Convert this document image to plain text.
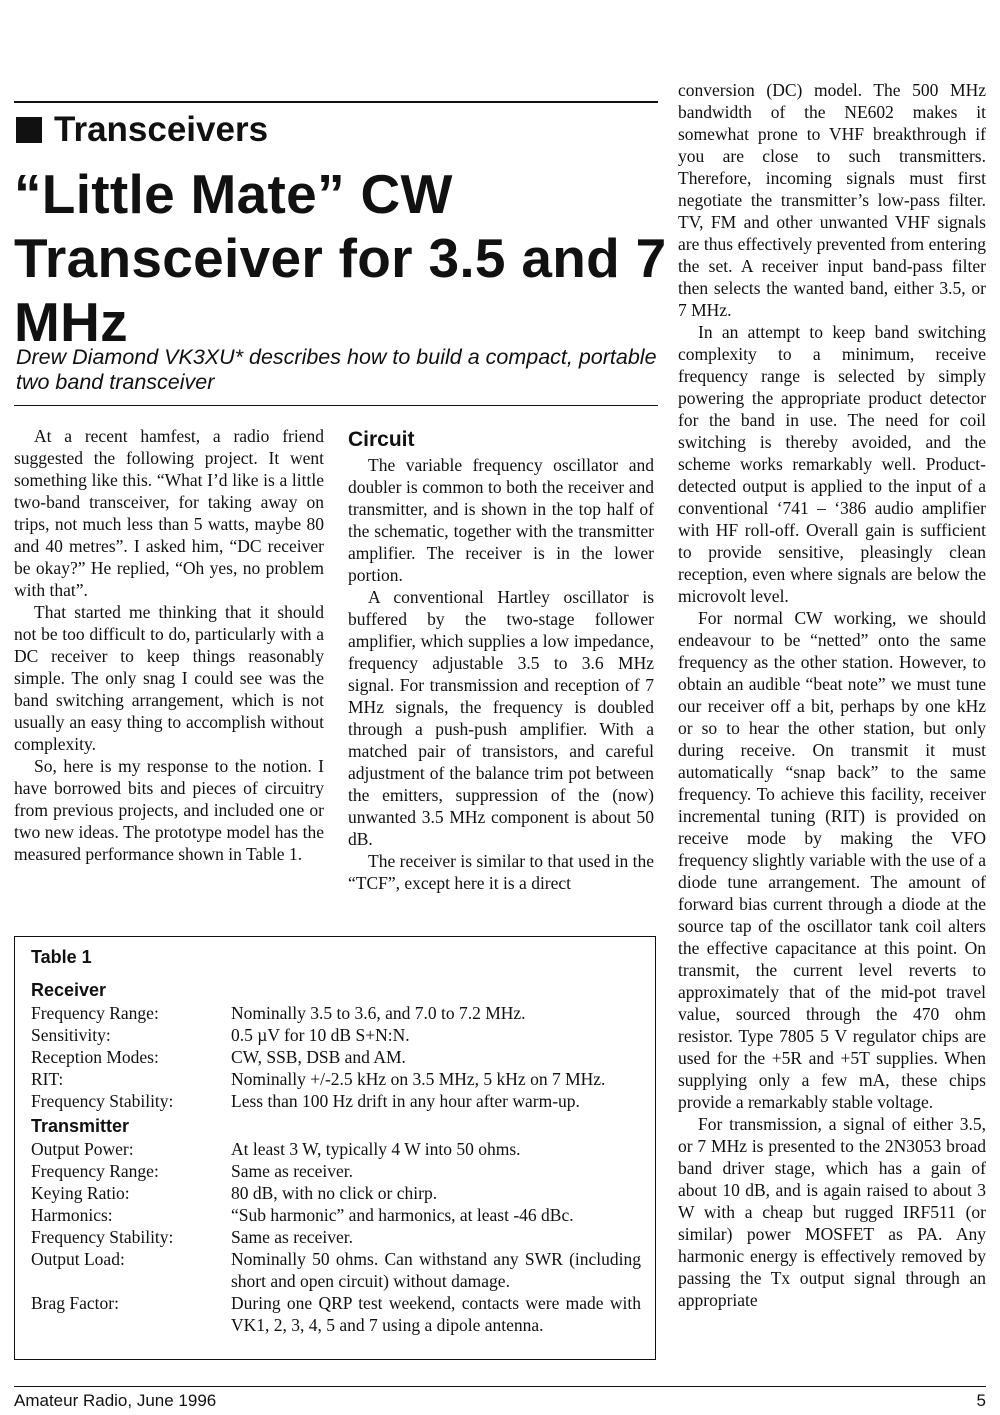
Transceivers
“Little Mate” CW Transceiver for 3.5 and 7 MHz
Drew Diamond VK3XU* describes how to build a compact, portable two band transceiver

At a recent hamfest, a radio friend suggested the following project. It went something like this. “What I’d like is a little two-band transceiver, for taking away on trips, not much less than 5 watts, maybe 80 and 40 metres”. I asked him, “DC receiver be okay?” He replied, “Oh yes, no problem with that”.

That started me thinking that it should not be too difficult to do, particularly with a DC receiver to keep things reasonably simple. The only snag I could see was the band switching arrangement, which is not usually an easy thing to accomplish without complexity.

So, here is my response to the notion. I have borrowed bits and pieces of circuitry from previous projects, and included one or two new ideas. The prototype model has the measured performance shown in Table 1.

Circuit

The variable frequency oscillator and doubler is common to both the receiver and transmitter, and is shown in the top half of the schematic, together with the transmitter amplifier. The receiver is in the lower portion.

A conventional Hartley oscillator is buffered by the two-stage follower amplifier, which supplies a low impedance, frequency adjustable 3.5 to 3.6 MHz signal. For transmission and reception of 7 MHz signals, the frequency is doubled through a push-push amplifier. With a matched pair of transistors, and careful adjustment of the balance trim pot between the emitters, suppression of the (now) unwanted 3.5 MHz component is about 50 dB.

The receiver is similar to that used in the “TCF”, except here it is a direct

conversion (DC) model. The 500 MHz bandwidth of the NE602 makes it somewhat prone to VHF breakthrough if you are close to such transmitters. Therefore, incoming signals must first negotiate the transmitter’s low-pass filter. TV, FM and other unwanted VHF signals are thus effectively prevented from entering the set. A receiver input band-pass filter then selects the wanted band, either 3.5, or 7 MHz.

In an attempt to keep band switching complexity to a minimum, receive frequency range is selected by simply powering the appropriate product detector for the band in use. The need for coil switching is thereby avoided, and the scheme works remarkably well. Product-detected output is applied to the input of a conventional ‘741 – ‘386 audio amplifier with HF roll-off. Overall gain is sufficient to provide sensitive, pleasingly clean reception, even where signals are below the microvolt level.

For normal CW working, we should endeavour to be “netted” onto the same frequency as the other station. However, to obtain an audible “beat note” we must tune our receiver off a bit, perhaps by one kHz or so to hear the other station, but only during receive. On transmit it must automatically “snap back” to the same frequency. To achieve this facility, receiver incremental tuning (RIT) is provided on receive mode by making the VFO frequency slightly variable with the use of a diode tune arrangement. The amount of forward bias current through a diode at the source tap of the oscillator tank coil alters the effective capacitance at this point. On transmit, the current level reverts to approximately that of the mid-pot travel value, sourced through the 470 ohm resistor. Type 7805 5 V regulator chips are used for the +5R and +5T supplies. When supplying only a few mA, these chips provide a remarkably stable voltage.

For transmission, a signal of either 3.5, or 7 MHz is presented to the 2N3053 broad band driver stage, which has a gain of about 10 dB, and is again raised to about 3 W with a cheap but rugged IRF511 (or similar) power MOSFET as PA. Any harmonic energy is effectively removed by passing the Tx output signal through an appropriate

Table 1
Receiver
Frequency Range:	Nominally 3.5 to 3.6, and 7.0 to 7.2 MHz.
Sensitivity:	0.5 µV for 10 dB S+N:N.
Reception Modes:	CW, SSB, DSB and AM.
RIT:	Nominally +/-2.5 kHz on 3.5 MHz, 5 kHz on 7 MHz.
Frequency Stability:	Less than 100 Hz drift in any hour after warm-up.
Transmitter
Output Power:	At least 3 W, typically 4 W into 50 ohms.
Frequency Range:	Same as receiver.
Keying Ratio:	80 dB, with no click or chirp.
Harmonics:	“Sub harmonic” and harmonics, at least -46 dBc.
Frequency Stability:	Same as receiver.
Output Load:	Nominally 50 ohms. Can withstand any SWR (including short and open circuit) without damage.
Brag Factor:	During one QRP test weekend, contacts were made with VK1, 2, 3, 4, 5 and 7 using a dipole antenna.
Amateur Radio, June 1996	5
